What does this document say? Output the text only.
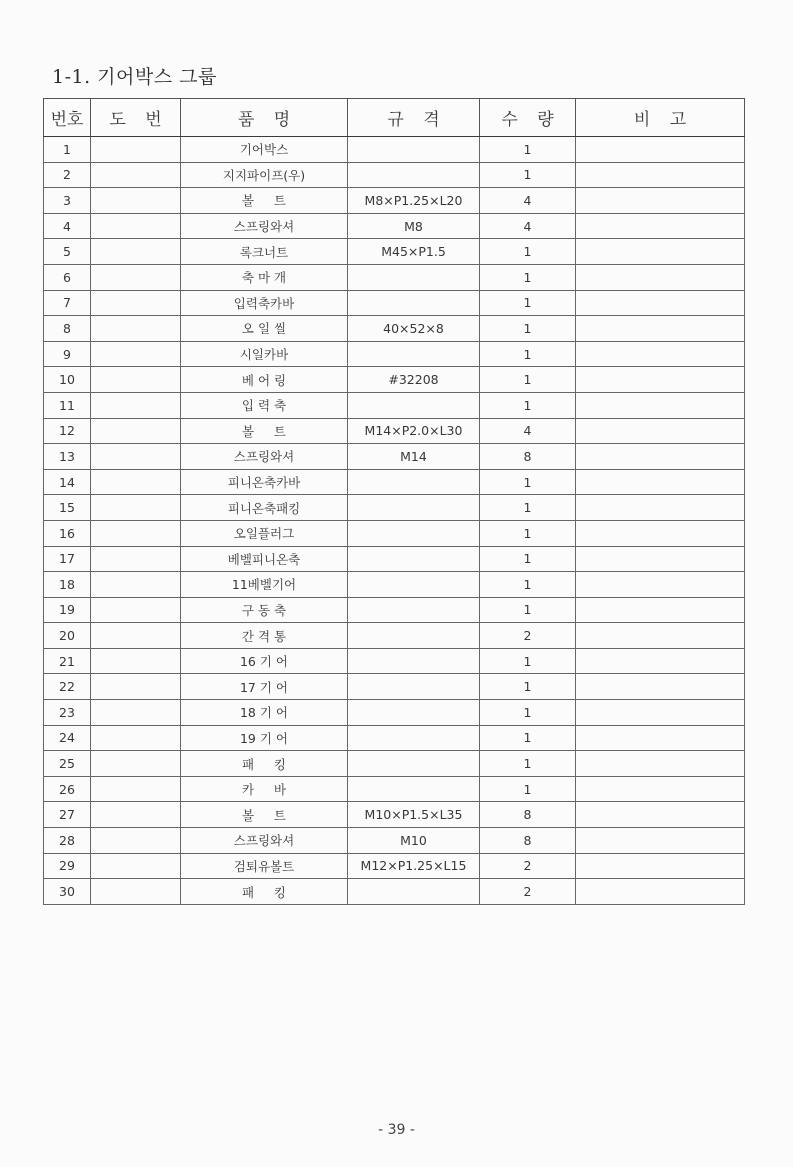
1-1. 기어박스 그룹
번호	도 번	품 명	규 격	수 량	비 고
1		기어박스		1	
2		지지파이프(우)		1	
3		볼     트	M8×P1.25×L20	4	
4		스프링와셔	M8	4	
5		록크너트	M45×P1.5	1	
6		축 마 개		1	
7		입력축카바		1	
8		오 일 씰	40×52×8	1	
9		시일카바		1	
10		베 어 링	#32208	1	
11		입 력 축		1	
12		볼     트	M14×P2.0×L30	4	
13		스프링와셔	M14	8	
14		피니온축카바		1	
15		피니온축패킹		1	
16		오일플러그		1	
17		베벨피니온축		1	
18		11베벨기어		1	
19		구 동 축		1	
20		간 격 통		2	
21		16 기 어		1	
22		17 기 어		1	
23		18 기 어		1	
24		19 기 어		1	
25		패     킹		1	
26		카     바		1	
27		볼     트	M10×P1.5×L35	8	
28		스프링와셔	M10	8	
29		검퇴유볼트	M12×P1.25×L15	2	
30		패     킹		2	
- 39 -
